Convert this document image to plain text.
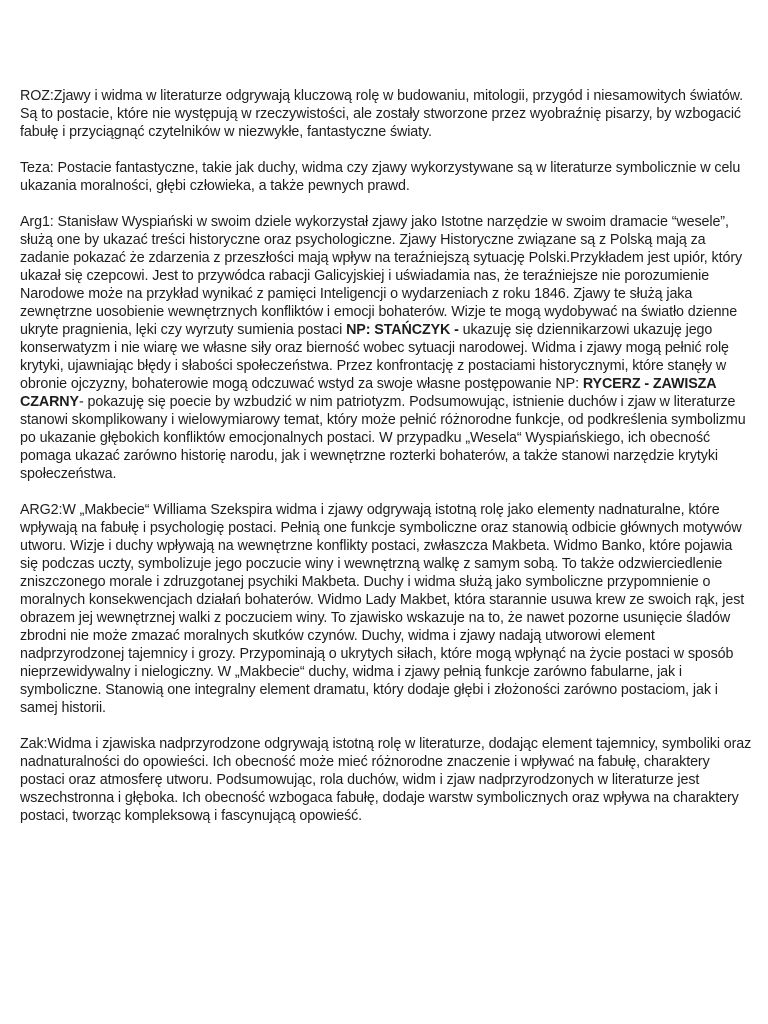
ROZ:Zjawy i widma w literaturze odgrywają kluczową rolę w budowaniu, mitologii, przygód i niesamowitych światów. Są to postacie, które nie występują w rzeczywistości, ale zostały stworzone przez wyobraźnię pisarzy, by wzbogacić fabułę i przyciągnąć czytelników w niezwykłe, fantastyczne światy.

Teza: Postacie fantastyczne, takie jak duchy, widma czy zjawy wykorzystywane są w literaturze symbolicznie w celu ukazania moralności, głębi człowieka, a także pewnych prawd.

Arg1: Stanisław Wyspiański w swoim dziele wykorzystał zjawy jako Istotne narzędzie w swoim dramacie “wesele”, służą one by ukazać treści historyczne oraz psychologiczne. Zjawy Historyczne związane są z Polską mają za zadanie pokazać że zdarzenia z przeszłości mają wpływ na teraźniejszą sytuację Polski.Przykładem jest upiór, który ukazał się czepcowi. Jest to przywódca rabacji Galicyjskiej i uświadamia nas, że teraźniejsze nie porozumienie Narodowe może na przykład wynikać z pamięci Inteligencji o wydarzeniach z roku 1846. Zjawy te służą jaka zewnętrzne uosobienie wewnętrznych konfliktów i emocji bohaterów. Wizje te mogą wydobywać na światło dzienne ukryte pragnienia, lęki czy wyrzuty sumienia postaci NP: STAŃCZYK - ukazuję się dziennikarzowi ukazuję jego konserwatyzm i nie wiarę we własne siły oraz bierność wobec sytuacji narodowej. Widma i zjawy mogą pełnić rolę krytyki, ujawniając błędy i słabości społeczeństwa. Przez konfrontację z postaciami historycznymi, które stanęły w obronie ojczyzny, bohaterowie mogą odczuwać wstyd za swoje własne postępowanie NP: RYCERZ - ZAWISZA CZARNY- pokazuję się poecie by wzbudzić w nim patriotyzm. Podsumowując, istnienie duchów i zjaw w literaturze stanowi skomplikowany i wielowymiarowy temat, który może pełnić różnorodne funkcje, od podkreślenia symbolizmu po ukazanie głębokich konfliktów emocjonalnych postaci. W przypadku „Wesela“ Wyspiańskiego, ich obecność pomaga ukazać zarówno historię narodu, jak i wewnętrzne rozterki bohaterów, a także stanowi narzędzie krytyki społeczeństwa.

ARG2:W „Makbecie“ Williama Szekspira widma i zjawy odgrywają istotną rolę jako elementy nadnaturalne, które wpływają na fabułę i psychologię postaci. Pełnią one funkcje symboliczne oraz stanowią odbicie głównych motywów utworu. Wizje i duchy wpływają na wewnętrzne konflikty postaci, zwłaszcza Makbeta. Widmo Banko, które pojawia się podczas uczty, symbolizuje jego poczucie winy i wewnętrzną walkę z samym sobą. To także odzwierciedlenie zniszczonego morale i zdruzgotanej psychiki Makbeta. Duchy i widma służą jako symboliczne przypomnienie o moralnych konsekwencjach działań bohaterów. Widmo Lady Makbet, która starannie usuwa krew ze swoich rąk, jest obrazem jej wewnętrznej walki z poczuciem winy. To zjawisko wskazuje na to, że nawet pozorne usunięcie śladów zbrodni nie może zmazać moralnych skutków czynów. Duchy, widma i zjawy nadają utworowi element nadprzyrodzonej tajemnicy i grozy. Przypominają o ukrytych siłach, które mogą wpłynąć na życie postaci w sposób nieprzewidywalny i nielogiczny. W „Makbecie“ duchy, widma i zjawy pełnią funkcje zarówno fabularne, jak i symboliczne. Stanowią one integralny element dramatu, który dodaje głębi i złożoności zarówno postaciom, jak i samej historii.

Zak:Widma i zjawiska nadprzyrodzone odgrywają istotną rolę w literaturze, dodając element tajemnicy, symboliki oraz nadnaturalności do opowieści. Ich obecność może mieć różnorodne znaczenie i wpływać na fabułę, charaktery postaci oraz atmosferę utworu. Podsumowując, rola duchów, widm i zjaw nadprzyrodzonych w literaturze jest wszechstronna i głęboka. Ich obecność wzbogaca fabułę, dodaje warstw symbolicznych oraz wpływa na charaktery postaci, tworząc kompleksową i fascynującą opowieść.
